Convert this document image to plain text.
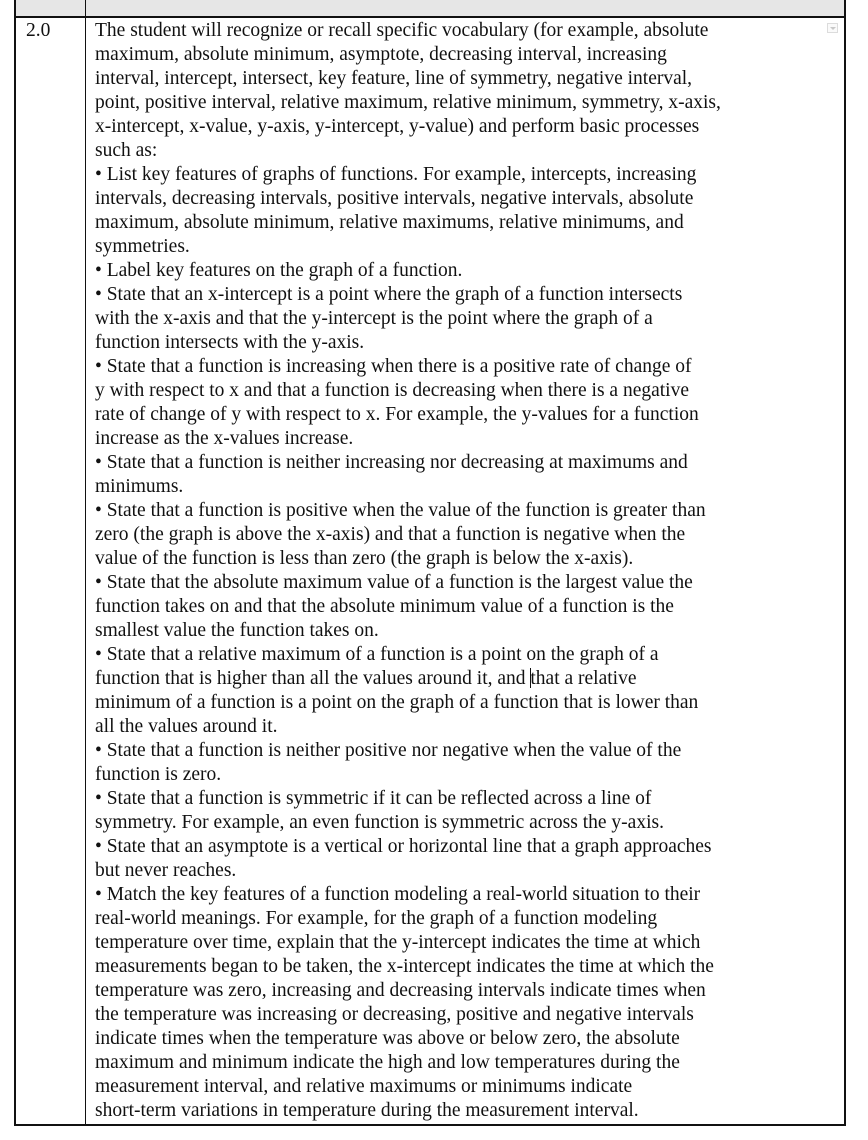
2.0	The student will recognize or recall specific vocabulary (for example, absolute
maximum, absolute minimum, asymptote, decreasing interval, increasing
interval, intercept, intersect, key feature, line of symmetry, negative interval,
point, positive interval, relative maximum, relative minimum, symmetry, x-axis,
x-intercept, x-value, y-axis, y-intercept, y-value) and perform basic processes
such as:
• List key features of graphs of functions. For example, intercepts, increasing
intervals, decreasing intervals, positive intervals, negative intervals, absolute
maximum, absolute minimum, relative maximums, relative minimums, and
symmetries.
• Label key features on the graph of a function.
• State that an x-intercept is a point where the graph of a function intersects
with the x-axis and that the y-intercept is the point where the graph of a
function intersects with the y-axis.
• State that a function is increasing when there is a positive rate of change of
y with respect to x and that a function is decreasing when there is a negative
rate of change of y with respect to x. For example, the y-values for a function
increase as the x-values increase.
• State that a function is neither increasing nor decreasing at maximums and
minimums.
• State that a function is positive when the value of the function is greater than
zero (the graph is above the x-axis) and that a function is negative when the
value of the function is less than zero (the graph is below the x-axis).
• State that the absolute maximum value of a function is the largest value the
function takes on and that the absolute minimum value of a function is the
smallest value the function takes on.
• State that a relative maximum of a function is a point on the graph of a
function that is higher than all the values around it, and that a relative
minimum of a function is a point on the graph of a function that is lower than
all the values around it.
• State that a function is neither positive nor negative when the value of the
function is zero.
• State that a function is symmetric if it can be reflected across a line of
symmetry. For example, an even function is symmetric across the y-axis.
• State that an asymptote is a vertical or horizontal line that a graph approaches
but never reaches.
• Match the key features of a function modeling a real-world situation to their
real-world meanings. For example, for the graph of a function modeling
temperature over time, explain that the y-intercept indicates the time at which
measurements began to be taken, the x-intercept indicates the time at which the
temperature was zero, increasing and decreasing intervals indicate times when
the temperature was increasing or decreasing, positive and negative intervals
indicate times when the temperature was above or below zero, the absolute
maximum and minimum indicate the high and low temperatures during the
measurement interval, and relative maximums or minimums indicate
short-term variations in temperature during the measurement interval.
